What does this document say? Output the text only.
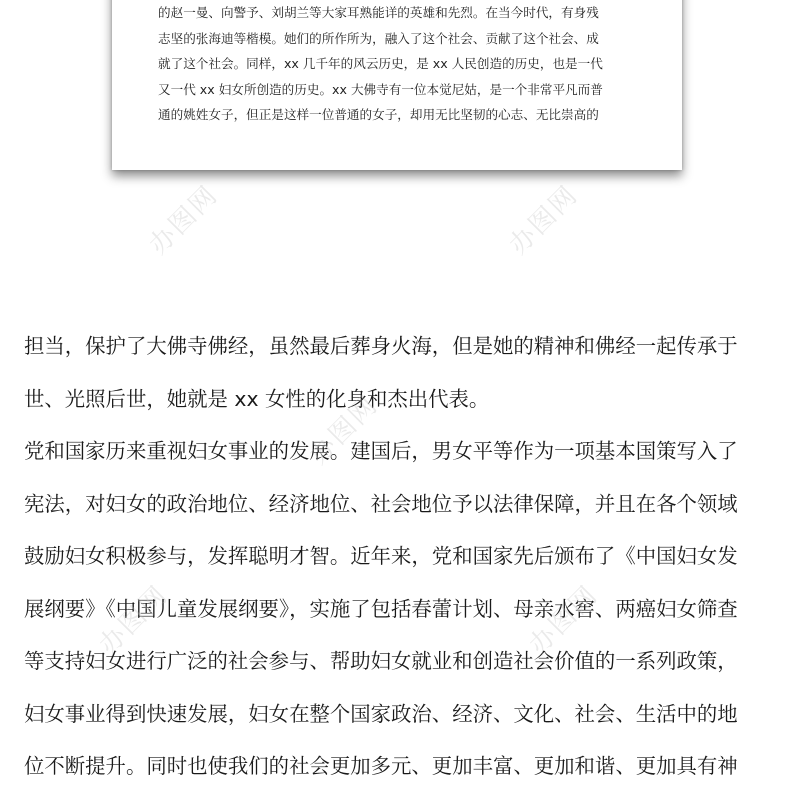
的赵一曼、向警予、刘胡兰等大家耳熟能详的英雄和先烈。在当今时代，有身残
志坚的张海迪等楷模。她们的所作所为，融入了这个社会、贡献了这个社会、成
就了这个社会。同样，xx 几千年的风云历史，是 xx 人民创造的历史，也是一代
又一代 xx 妇女所创造的历史。xx 大佛寺有一位本觉尼姑，是一个非常平凡而普
通的姚姓女子，但正是这样一位普通的女子，却用无比坚韧的心志、无比崇高的

担当，保护了大佛寺佛经，虽然最后葬身火海，但是她的精神和佛经一起传承于
世、光照后世，她就是 xx 女性的化身和杰出代表。
党和国家历来重视妇女事业的发展。建国后，男女平等作为一项基本国策写入了
宪法，对妇女的政治地位、经济地位、社会地位予以法律保障，并且在各个领域
鼓励妇女积极参与，发挥聪明才智。近年来，党和国家先后颁布了《中国妇女发
展纲要》《中国儿童发展纲要》，实施了包括春蕾计划、母亲水窖、两癌妇女筛查
等支持妇女进行广泛的社会参与、帮助妇女就业和创造社会价值的一系列政策，
妇女事业得到快速发展，妇女在整个国家政治、经济、文化、社会、生活中的地
位不断提升。同时也使我们的社会更加多元、更加丰富、更加和谐、更加具有神

办图网	办图网
办图网
办图网	办图网
